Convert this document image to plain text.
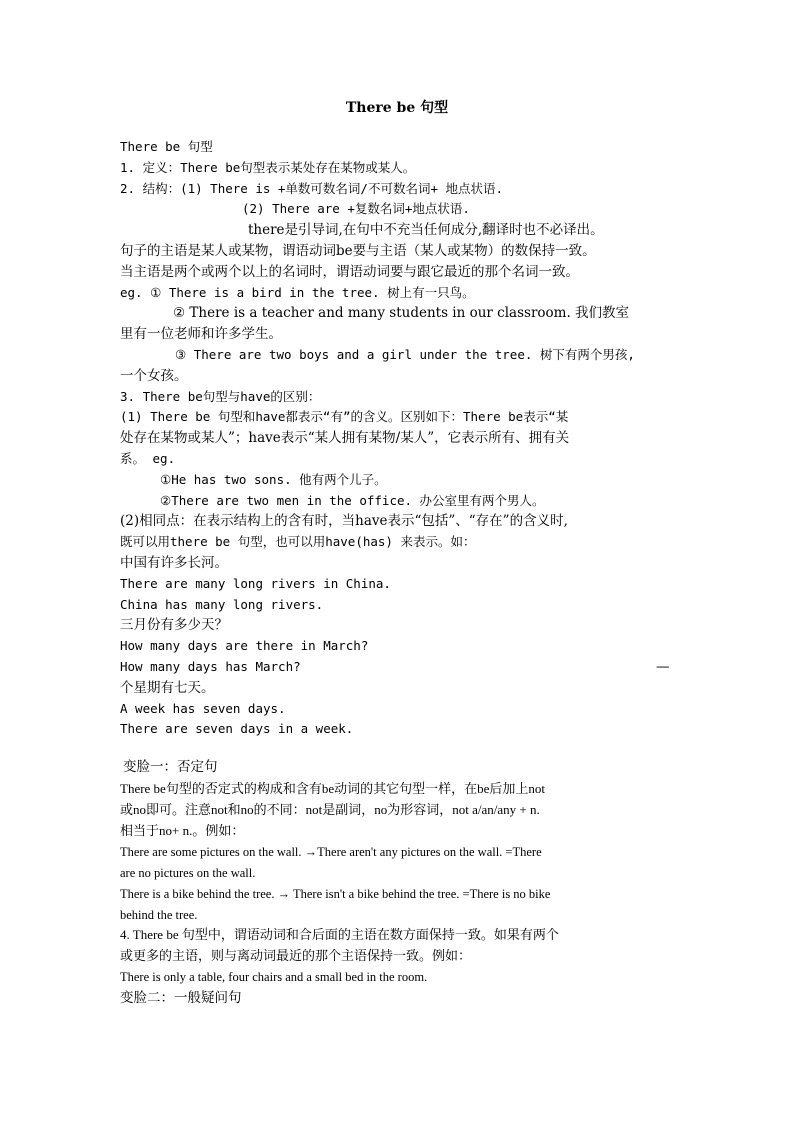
There be 句型
There be 句型
1. 定义：There be句型表示某处存在某物或某人。
2. 结构：(1) There is +单数可数名词/不可数名词+ 地点状语.
(2) There are +复数名词+地点状语.
there是引导词,在句中不充当任何成分,翻译时也不必译出。
句子的主语是某人或某物，谓语动词be要与主语（某人或某物）的数保持一致。
当主语是两个或两个以上的名词时，谓语动词要与跟它最近的那个名词一致。
eg. ① There is a bird in the tree. 树上有一只鸟。
② There is a teacher and many students in our classroom. 我们教室
里有一位老师和许多学生。
③ There are two boys and a girl under the tree. 树下有两个男孩,
一个女孩。
3. There be句型与have的区别：
(1) There be 句型和have都表示“有”的含义。区别如下：There be表示“某
处存在某物或某人”；have表示“某人拥有某物/某人”，它表示所有、拥有关
系。 eg.
①He has two sons. 他有两个儿子。
②There are two men in the office. 办公室里有两个男人。
(2)相同点：在表示结构上的含有时，当have表示“包括”、“存在”的含义时,
既可以用there be 句型，也可以用have(has) 来表示。如：
中国有许多长河。
There are many long rivers in China.
China has many long rivers.
三月份有多少天？
How many days are there in March?
How many days has March?	—
个星期有七天。
A week has seven days.
There are seven days in a week.
变脸一：否定句
There be句型的否定式的构成和含有be动词的其它句型一样，在be后加上not
或no即可。注意not和no的不同：not是副词，no为形容词，not a/an/any + n.
相当于no+ n.。例如：
There are some pictures on the wall. →There aren't any pictures on the wall. =There
are no pictures on the wall.
There is a bike behind the tree. → There isn't a bike behind the tree. =There is no bike
behind the tree.
4. There be 句型中，谓语动词和合后面的主语在数方面保持一致。如果有两个
或更多的主语，则与离动词最近的那个主语保持一致。例如：
There is only a table, four chairs and a small bed in the room.
变脸二：一般疑问句
